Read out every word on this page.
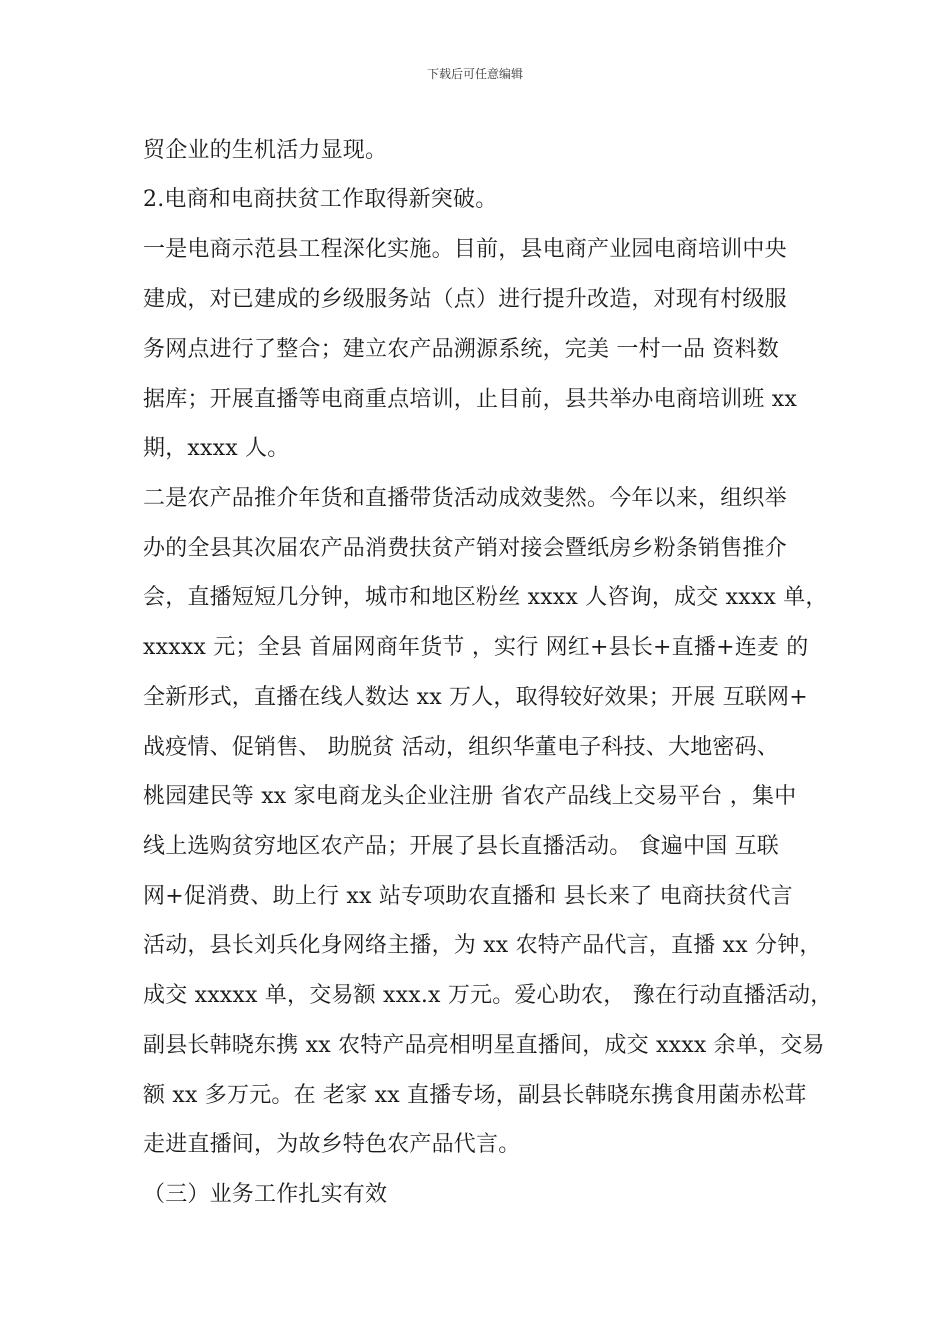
下载后可任意编辑
贸企业的生机活力显现。
2.电商和电商扶贫工作取得新突破。
一是电商示范县工程深化实施。目前，县电商产业园电商培训中央
建成，对已建成的乡级服务站（点）进行提升改造，对现有村级服
务网点进行了整合；建立农产品溯源系统，完美 一村一品 资料数
据库；开展直播等电商重点培训，止目前，县共举办电商培训班 xx
期，xxxx 人。
二是农产品推介年货和直播带货活动成效斐然。今年以来，组织举
办的全县其次届农产品消费扶贫产销对接会暨纸房乡粉条销售推介
会，直播短短几分钟，城市和地区粉丝 xxxx 人咨询，成交 xxxx 单，
xxxxx 元；全县 首届网商年货节 ，实行 网红+县长+直播+连麦 的
全新形式，直播在线人数达 xx 万人，取得较好效果；开展 互联网+
战疫情、促销售、 助脱贫 活动，组织华董电子科技、大地密码、
桃园建民等 xx 家电商龙头企业注册 省农产品线上交易平台 ，集中
线上选购贫穷地区农产品；开展了县长直播活动。 食遍中国 互联
网+促消费、助上行 xx 站专项助农直播和 县长来了 电商扶贫代言
活动，县长刘兵化身网络主播，为 xx 农特产品代言，直播 xx 分钟，
成交 xxxxx 单，交易额 xxx.x 万元。爱心助农， 豫在行动直播活动，
副县长韩晓东携 xx 农特产品亮相明星直播间，成交 xxxx 余单，交易
额 xx 多万元。在 老家 xx 直播专场，副县长韩晓东携食用菌赤松茸
走进直播间，为故乡特色农产品代言。
（三）业务工作扎实有效
